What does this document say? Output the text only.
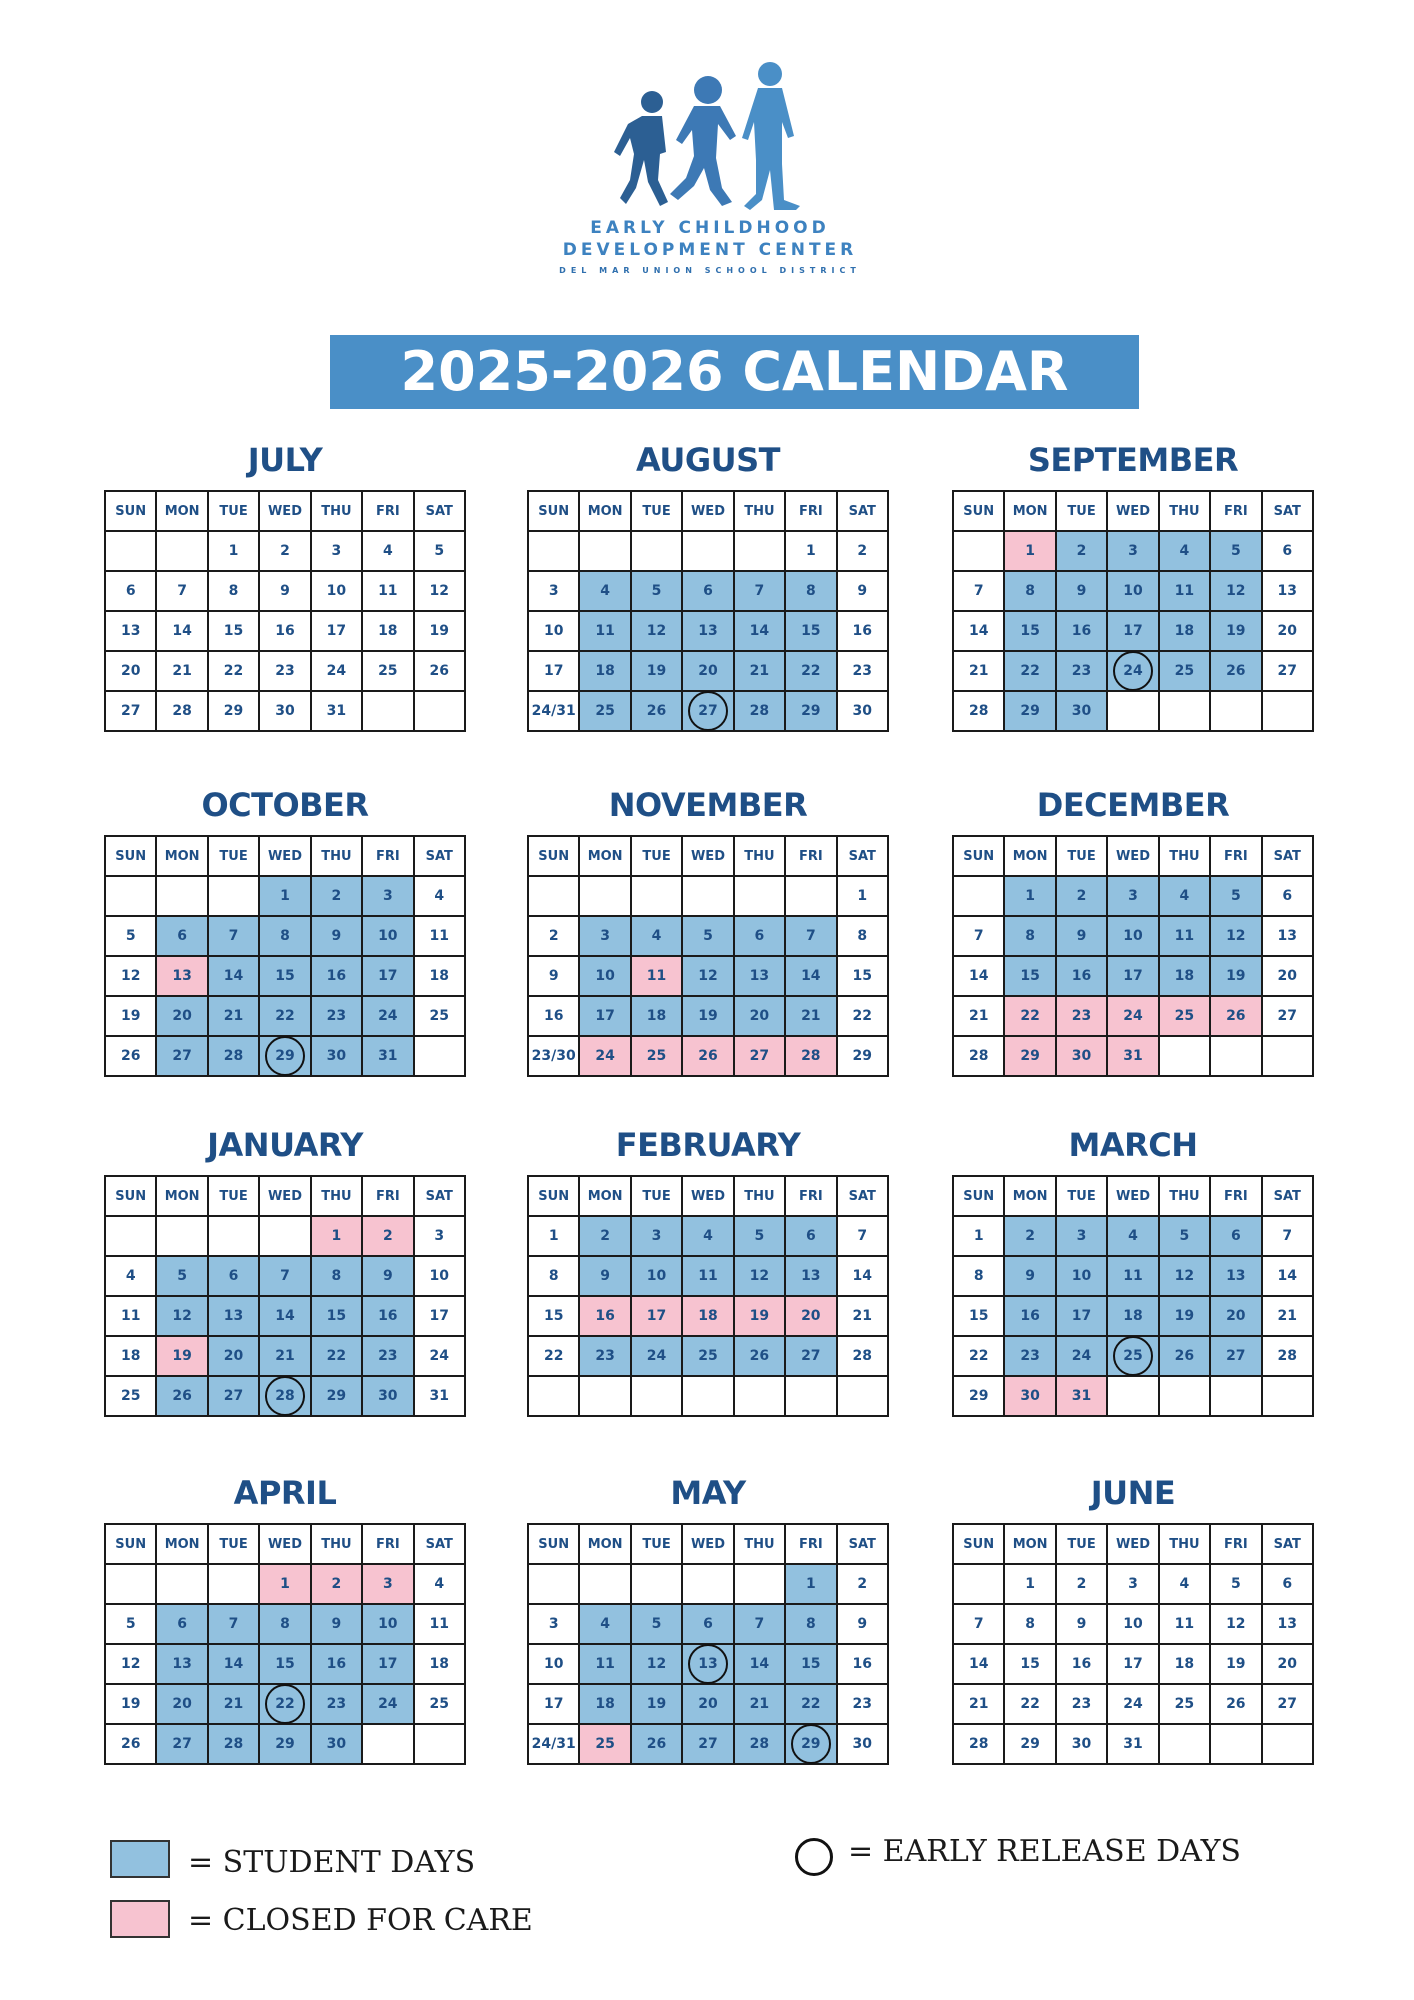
EARLY CHILDHOOD
DEVELOPMENT CENTER
DEL MAR UNION SCHOOL DISTRICT
2025-2026 CALENDAR
JULY
SUN	MON	TUE	WED	THU	FRI	SAT
		1	2	3	4	5
6	7	8	9	10	11	12
13	14	15	16	17	18	19
20	21	22	23	24	25	26
27	28	29	30	31		
AUGUST
SUN	MON	TUE	WED	THU	FRI	SAT
					1	2
3	4	5	6	7	8	9
10	11	12	13	14	15	16
17	18	19	20	21	22	23
24/31	25	26	27	28	29	30
SEPTEMBER
SUN	MON	TUE	WED	THU	FRI	SAT
	1	2	3	4	5	6
7	8	9	10	11	12	13
14	15	16	17	18	19	20
21	22	23	24	25	26	27
28	29	30				
OCTOBER
SUN	MON	TUE	WED	THU	FRI	SAT
			1	2	3	4
5	6	7	8	9	10	11
12	13	14	15	16	17	18
19	20	21	22	23	24	25
26	27	28	29	30	31	
NOVEMBER
SUN	MON	TUE	WED	THU	FRI	SAT
						1
2	3	4	5	6	7	8
9	10	11	12	13	14	15
16	17	18	19	20	21	22
23/30	24	25	26	27	28	29
DECEMBER
SUN	MON	TUE	WED	THU	FRI	SAT
	1	2	3	4	5	6
7	8	9	10	11	12	13
14	15	16	17	18	19	20
21	22	23	24	25	26	27
28	29	30	31			
JANUARY
SUN	MON	TUE	WED	THU	FRI	SAT
				1	2	3
4	5	6	7	8	9	10
11	12	13	14	15	16	17
18	19	20	21	22	23	24
25	26	27	28	29	30	31
FEBRUARY
SUN	MON	TUE	WED	THU	FRI	SAT
1	2	3	4	5	6	7
8	9	10	11	12	13	14
15	16	17	18	19	20	21
22	23	24	25	26	27	28

MARCH
SUN	MON	TUE	WED	THU	FRI	SAT
1	2	3	4	5	6	7
8	9	10	11	12	13	14
15	16	17	18	19	20	21
22	23	24	25	26	27	28
29	30	31				
APRIL
SUN	MON	TUE	WED	THU	FRI	SAT
			1	2	3	4
5	6	7	8	9	10	11
12	13	14	15	16	17	18
19	20	21	22	23	24	25
26	27	28	29	30		
MAY
SUN	MON	TUE	WED	THU	FRI	SAT
					1	2
3	4	5	6	7	8	9
10	11	12	13	14	15	16
17	18	19	20	21	22	23
24/31	25	26	27	28	29	30
JUNE
SUN	MON	TUE	WED	THU	FRI	SAT
	1	2	3	4	5	6
7	8	9	10	11	12	13
14	15	16	17	18	19	20
21	22	23	24	25	26	27
28	29	30	31			
= STUDENT DAYS
= CLOSED FOR CARE
= EARLY RELEASE DAYS
